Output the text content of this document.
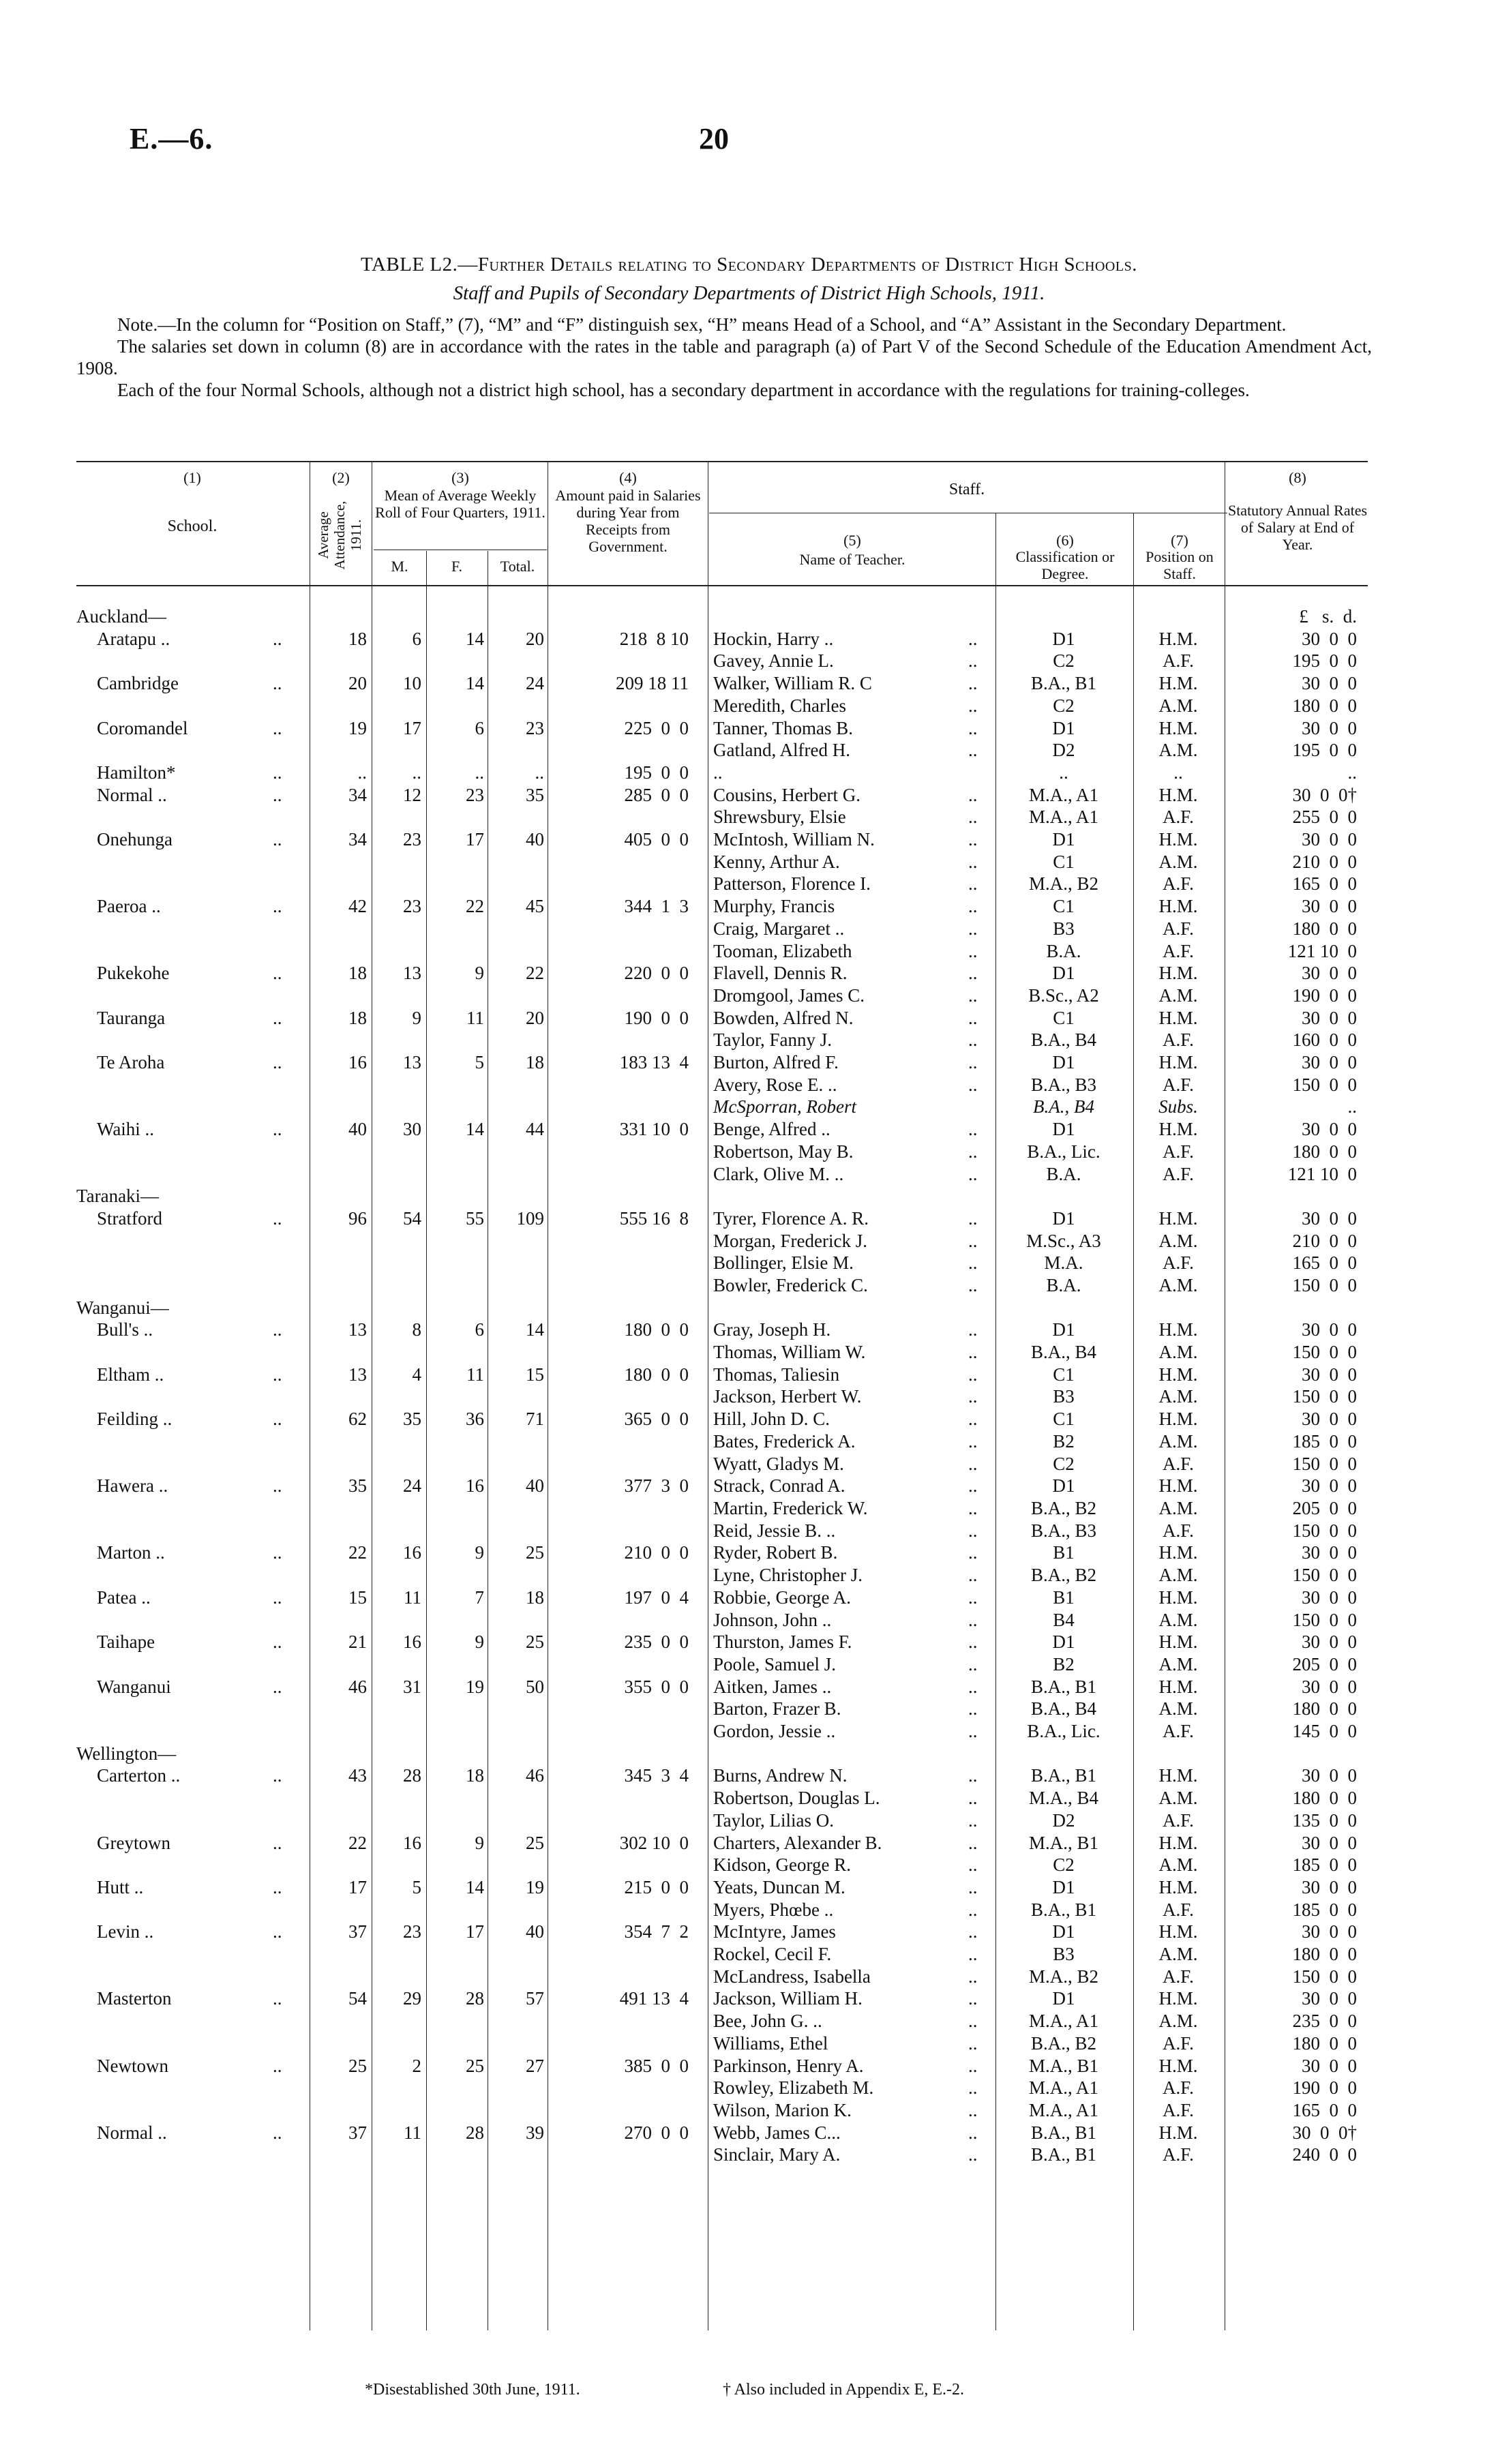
E.—6.	20
TABLE L2.—Further Details relating to Secondary Departments of District High Schools.
Staff and Pupils of Secondary Departments of District High Schools, 1911.

Note.—In the column for “Position on Staff,” (7), “M” and “F” distinguish sex, “H” means Head of a School, and “A” Assistant in the Secondary Department.

The salaries set down in column (8) are in accordance with the rates in the table and paragraph (a) of Part V of the Second Schedule of the Education Amendment Act, 1908.

Each of the four Normal Schools, although not a district high school, has a secondary department in accordance with the regulations for training-colleges.

(1)
School.
(2)
Average Attendance, 1911.
(3)
Mean of Average Weekly Roll of Four Quarters, 1911.
M.	F.	Total.
(4)
Amount paid in Salaries during Year from Receipts from Government.
Staff.
(5)
Name of Teacher.
(6)
Classification or Degree.
(7)
Position on Staff.
(8)
Statutory Annual Rates of Salary at End of Year.
£   s.  d.
Auckland—
Aratapu ..	..	18	6	14	20	218  8 10 Hockin, Harry ..	..	D1	H.M.	30  0  0
Gavey, Annie L.	..	C2	A.F.	195  0  0
Cambridge	..	20	10	14	24	209 18 11 Walker, William R. C	..	B.A., B1	H.M.	30  0  0
Meredith, Charles	..	C2	A.M.	180  0  0
Coromandel	..	19	17	6	23	225  0  0 Tanner, Thomas B.	..	D1	H.M.	30  0  0
Gatland, Alfred H.	..	D2	A.M.	195  0  0
Hamilton*	..	..	..	..	..	195  0  0 ..	..	..	..
Normal ..	..	34	12	23	35	285  0  0 Cousins, Herbert G.	..	M.A., A1	H.M.	30  0  0†
Shrewsbury, Elsie	..	M.A., A1	A.F.	255  0  0
Onehunga	..	34	23	17	40	405  0  0 McIntosh, William N.	..	D1	H.M.	30  0  0
Kenny, Arthur A.	..	C1	A.M.	210  0  0
Patterson, Florence I.	..	M.A., B2	A.F.	165  0  0
Paeroa ..	..	42	23	22	45	344  1  3 Murphy, Francis	..	C1	H.M.	30  0  0
Craig, Margaret ..	..	B3	A.F.	180  0  0
Tooman, Elizabeth	..	B.A.	A.F.	121 10  0
Pukekohe	..	18	13	9	22	220  0  0 Flavell, Dennis R.	..	D1	H.M.	30  0  0
Dromgool, James C.	..	B.Sc., A2	A.M.	190  0  0
Tauranga	..	18	9	11	20	190  0  0 Bowden, Alfred N.	..	C1	H.M.	30  0  0
Taylor, Fanny J.	..	B.A., B4	A.F.	160  0  0
Te Aroha	..	16	13	5	18	183 13  4 Burton, Alfred F.	..	D1	H.M.	30  0  0
Avery, Rose E. ..	..	B.A., B3	A.F.	150  0  0
McSporran, Robert	B.A., B4	Subs.	..
Waihi ..	..	40	30	14	44	331 10  0 Benge, Alfred ..	..	D1	H.M.	30  0  0
Robertson, May B.	..	B.A., Lic.	A.F.	180  0  0
Clark, Olive M. ..	..	B.A.	A.F.	121 10  0
Taranaki—
Stratford	..	96	54	55	109	555 16  8 Tyrer, Florence A. R.	..	D1	H.M.	30  0  0
Morgan, Frederick J.	..	M.Sc., A3	A.M.	210  0  0
Bollinger, Elsie M.	..	M.A.	A.F.	165  0  0
Bowler, Frederick C.	..	B.A.	A.M.	150  0  0
Wanganui—
Bull's ..	..	13	8	6	14	180  0  0 Gray, Joseph H.	..	D1	H.M.	30  0  0
Thomas, William W.	..	B.A., B4	A.M.	150  0  0
Eltham ..	..	13	4	11	15	180  0  0 Thomas, Taliesin	..	C1	H.M.	30  0  0
Jackson, Herbert W.	..	B3	A.M.	150  0  0
Feilding ..	..	62	35	36	71	365  0  0 Hill, John D. C.	..	C1	H.M.	30  0  0
Bates, Frederick A.	..	B2	A.M.	185  0  0
Wyatt, Gladys M.	..	C2	A.F.	150  0  0
Hawera ..	..	35	24	16	40	377  3  0 Strack, Conrad A.	..	D1	H.M.	30  0  0
Martin, Frederick W.	..	B.A., B2	A.M.	205  0  0
Reid, Jessie B. ..	..	B.A., B3	A.F.	150  0  0
Marton ..	..	22	16	9	25	210  0  0 Ryder, Robert B.	..	B1	H.M.	30  0  0
Lyne, Christopher J.	..	B.A., B2	A.M.	150  0  0
Patea ..	..	15	11	7	18	197  0  4 Robbie, George A.	..	B1	H.M.	30  0  0
Johnson, John ..	..	B4	A.M.	150  0  0
Taihape	..	21	16	9	25	235  0  0 Thurston, James F.	..	D1	H.M.	30  0  0
Poole, Samuel J.	..	B2	A.M.	205  0  0
Wanganui	..	46	31	19	50	355  0  0 Aitken, James ..	..	B.A., B1	H.M.	30  0  0
Barton, Frazer B.	..	B.A., B4	A.M.	180  0  0
Gordon, Jessie ..	..	B.A., Lic.	A.F.	145  0  0
Wellington—
Carterton ..	..	43	28	18	46	345  3  4 Burns, Andrew N.	..	B.A., B1	H.M.	30  0  0
Robertson, Douglas L.	..	M.A., B4	A.M.	180  0  0
Taylor, Lilias O.	..	D2	A.F.	135  0  0
Greytown	..	22	16	9	25	302 10  0 Charters, Alexander B.	..	M.A., B1	H.M.	30  0  0
Kidson, George R.	..	C2	A.M.	185  0  0
Hutt ..	..	17	5	14	19	215  0  0 Yeats, Duncan M.	..	D1	H.M.	30  0  0
Myers, Phœbe ..	..	B.A., B1	A.F.	185  0  0
Levin ..	..	37	23	17	40	354  7  2 McIntyre, James	..	D1	H.M.	30  0  0
Rockel, Cecil F.	..	B3	A.M.	180  0  0
McLandress, Isabella	..	M.A., B2	A.F.	150  0  0
Masterton	..	54	29	28	57	491 13  4 Jackson, William H.	..	D1	H.M.	30  0  0
Bee, John G. ..	..	M.A., A1	A.M.	235  0  0
Williams, Ethel	..	B.A., B2	A.F.	180  0  0
Newtown	..	25	2	25	27	385  0  0 Parkinson, Henry A.	..	M.A., B1	H.M.	30  0  0
Rowley, Elizabeth M.	..	M.A., A1	A.F.	190  0  0
Wilson, Marion K.	..	M.A., A1	A.F.	165  0  0
Normal ..	..	37	11	28	39	270  0  0 Webb, James C...	..	B.A., B1	H.M.	30  0  0†
Sinclair, Mary A.	..	B.A., B1	A.F.	240  0  0
*Disestablished 30th June, 1911.	† Also included in Appendix E, E.-2.
